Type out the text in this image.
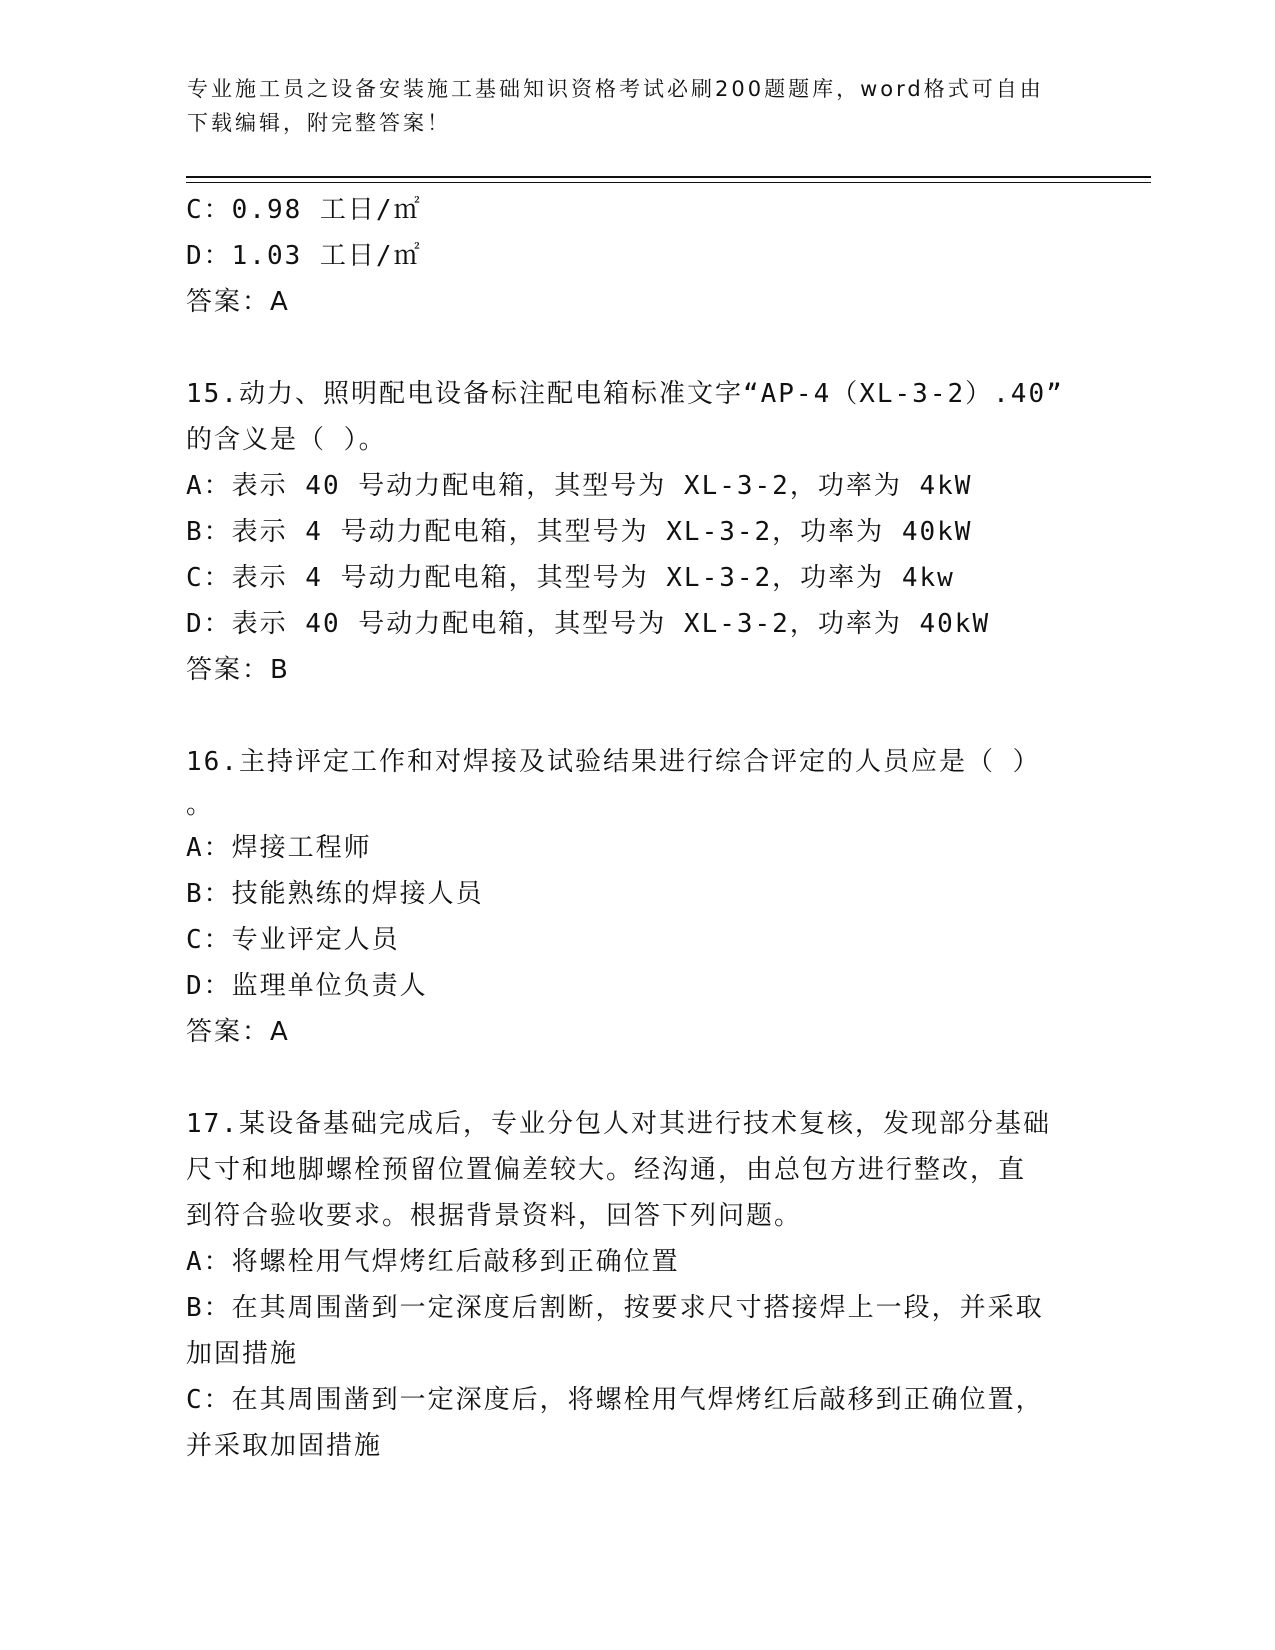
专业施工员之设备安装施工基础知识资格考试必刷200题题库，word格式可自由
下载编辑，附完整答案！
C：0.98 工日/㎡
D：1.03 工日/㎡
答案：A
15.动力、照明配电设备标注配电箱标准文字“AP-4（XL-3-2）.40”
的含义是（ ）。
A：表示 40 号动力配电箱，其型号为 XL-3-2，功率为 4kW
B：表示 4 号动力配电箱，其型号为 XL-3-2，功率为 40kW
C：表示 4 号动力配电箱，其型号为 XL-3-2，功率为 4kw
D：表示 40 号动力配电箱，其型号为 XL-3-2，功率为 40kW
答案：B
16.主持评定工作和对焊接及试验结果进行综合评定的人员应是（ ）
。
A：焊接工程师
B：技能熟练的焊接人员
C：专业评定人员
D：监理单位负责人
答案：A
17.某设备基础完成后，专业分包人对其进行技术复核，发现部分基础
尺寸和地脚螺栓预留位置偏差较大。经沟通，由总包方进行整改，直
到符合验收要求。根据背景资料，回答下列问题。
A：将螺栓用气焊烤红后敲移到正确位置
B：在其周围凿到一定深度后割断，按要求尺寸搭接焊上一段，并采取
加固措施
C：在其周围凿到一定深度后，将螺栓用气焊烤红后敲移到正确位置，
并采取加固措施
